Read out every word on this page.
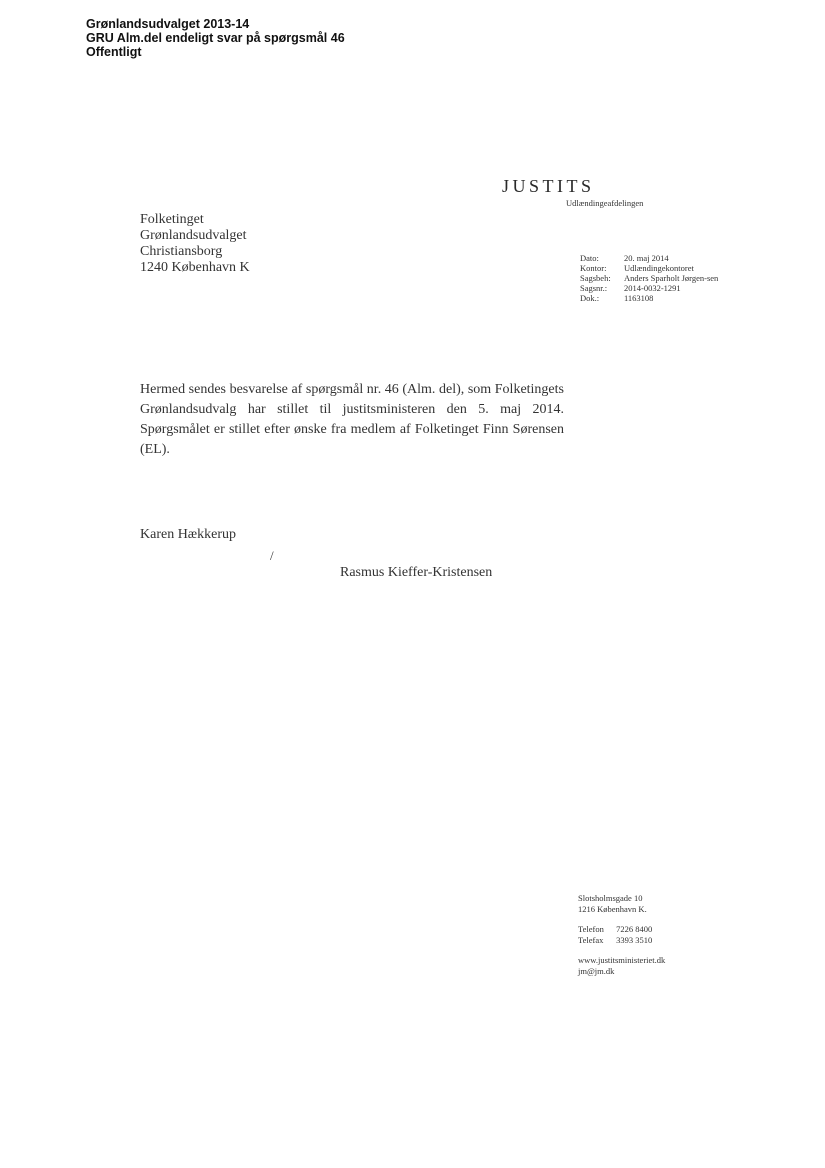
Grønlandsudvalget 2013-14
GRU Alm.del endeligt svar på spørgsmål 46
Offentligt
JUSTITS
Udlændingeafdelingen
Folketinget
Grønlandsudvalget
Christiansborg
1240 København K
Dato:	20. maj 2014
Kontor:	Udlændingekontoret
Sagsbeh:	Anders Sparholt Jørgen-sen
Sagsnr.:	2014-0032-1291
Dok.:	1163108
Hermed sendes besvarelse af spørgsmål nr. 46 (Alm. del), som Folketingets Grønlandsudvalg har stillet til justitsministeren den 5. maj 2014. Spørgsmålet er stillet efter ønske fra medlem af Folketinget Finn Sørensen (EL).
Karen Hækkerup
/
Rasmus Kieffer-Kristensen
Slotsholmsgade 10
1216 København K.
Telefon 7226 8400
Telefax 3393 3510
www.justitsministeriet.dk
jm@jm.dk
